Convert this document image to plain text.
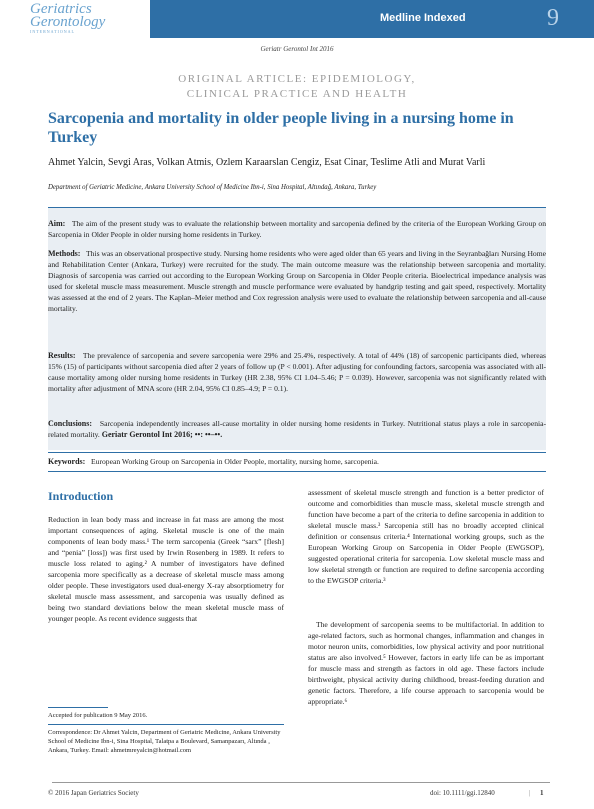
Geriatrics
Gerontology
INTERNATIONAL
Medline Indexed	9
Geriatr Gerontol Int 2016
ORIGINAL ARTICLE: EPIDEMIOLOGY,
CLINICAL PRACTICE AND HEALTH
Sarcopenia and mortality in older people living in a nursing home in Turkey
Ahmet Yalcin, Sevgi Aras, Volkan Atmis, Ozlem Karaarslan Cengiz, Esat Cinar, Teslime Atli and Murat Varli
Department of Geriatric Medicine, Ankara University School of Medicine Ibn-i, Sina Hospital, Altındağ, Ankara, Turkey
Aim: The aim of the present study was to evaluate the relationship between mortality and sarcopenia defined by the criteria of the European Working Group on Sarcopenia in Older People in older nursing home residents in Turkey.
Methods: This was an observational prospective study. Nursing home residents who were aged older than 65 years and living in the Seyranbağları Nursing Home and Rehabilitation Center (Ankara, Turkey) were recruited for the study. The main outcome measure was the relationship between sarcopenia and mortality. Diagnosis of sarcopenia was carried out according to the European Working Group on Sarcopenia in Older People criteria. Bioelectrical impedance analysis was used for skeletal muscle mass measurement. Muscle strength and muscle performance were evaluated by handgrip testing and gait speed, respectively. Mortality was assessed at the end of 2 years. The Kaplan–Meier method and Cox regression analysis were used to evaluate the relationship between sarcopenia and all-cause mortality.
Results: The prevalence of sarcopenia and severe sarcopenia were 29% and 25.4%, respectively. A total of 44% (18) of sarcopenic participants died, whereas 15% (15) of participants without sarcopenia died after 2 years of follow up (P < 0.001). After adjusting for confounding factors, sarcopenia was associated with all-cause mortality among older nursing home residents in Turkey (HR 2.38, 95% CI 1.04–5.46; P = 0.039). However, sarcopenia was not significantly related with mortality after adjustment of MNA score (HR 2.04, 95% CI 0.85–4.9; P = 0.1).
Conclusions: Sarcopenia independently increases all-cause mortality in older nursing home residents in Turkey. Nutritional status plays a role in sarcopenia-related mortality. Geriatr Gerontol Int 2016; ••: ••–••.
Keywords: European Working Group on Sarcopenia in Older People, mortality, nursing home, sarcopenia.
Introduction
Reduction in lean body mass and increase in fat mass are among the most important consequences of aging. Skeletal muscle is one of the main components of lean body mass.¹ The term sarcopenia (Greek “sarx” [flesh] and “penia” [loss]) was first used by Irwin Rosenberg in 1989. It refers to muscle loss related to aging.² A number of investigators have defined sarcopenia more specifically as a decrease of skeletal muscle mass among older people. These investigators used dual-energy X-ray absorptiometry for skeletal muscle mass assessment, and sarcopenia was usually defined as being two standard deviations below the mean skeletal muscle mass of younger people. As recent evidence suggests that
Accepted for publication 9 May 2016.
Correspondence: Dr Ahmet Yalcin, Department of Geriatric Medicine, Ankara University School of Medicine Ibn-i, Sina Hospital, Talatpa a Boulevard, Samanpazarı, Altında , Ankara, Turkey. Email: ahmetmreyalcin@hotmail.com
assessment of skeletal muscle strength and function is a better predictor of outcome and comorbidities than muscle mass, skeletal muscle strength and function have become a part of the criteria to define sarcopenia in addition to skeletal muscle mass.³ Sarcopenia still has no broadly accepted clinical definition or consensus criteria.⁴ International working groups, such as the European Working Group on Sarcopenia in Older People (EWGSOP), suggested operational criteria for sarcopenia. Low skeletal muscle mass and low skeletal strength or function are required to define sarcopenia according to the EWGSOP criteria.³
The development of sarcopenia seems to be multifactorial. In addition to age-related factors, such as hormonal changes, inflammation and changes in motor neuron units, comorbidities, low physical activity and poor nutritional status are also involved.⁵ However, factors in early life can be as important for muscle mass and strength as factors in old age. These factors include birthweight, physical activity during childhood, breast-feeding duration and genetic factors. Therefore, a life course approach to sarcopenia would be appropriate.⁶
© 2016 Japan Geriatrics Society	doi: 10.1111/ggi.12840	| 1
